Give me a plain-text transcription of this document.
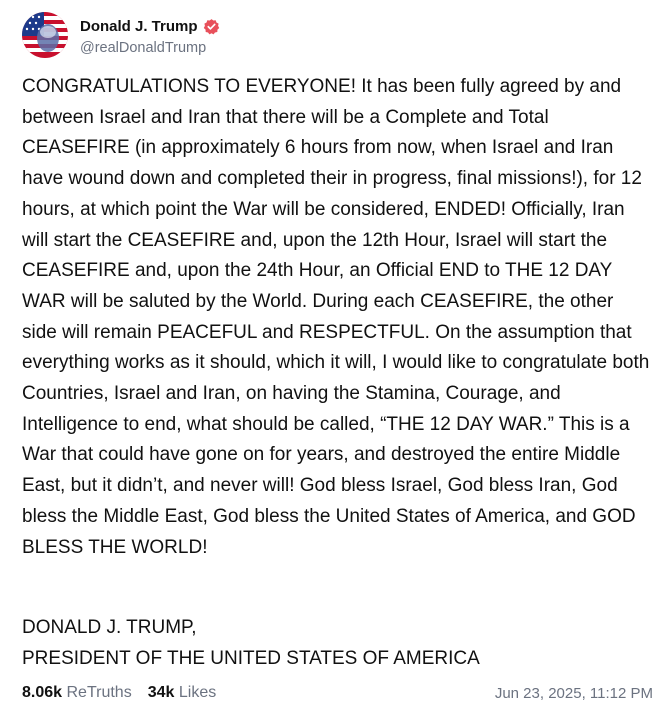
Donald J. Trump
@realDonaldTrump
CONGRATULATIONS TO EVERYONE! It has been fully agreed by and between Israel and Iran that there will be a Complete and Total CEASEFIRE (in approximately 6 hours from now, when Israel and Iran have wound down and completed their in progress, final missions!), for 12 hours, at which point the War will be considered, ENDED! Officially, Iran will start the CEASEFIRE and, upon the 12th Hour, Israel will start the CEASEFIRE and, upon the 24th Hour, an Official END to THE 12 DAY WAR will be saluted by the World. During each CEASEFIRE, the other side will remain PEACEFUL and RESPECTFUL. On the assumption that everything works as it should, which it will, I would like to congratulate both Countries, Israel and Iran, on having the Stamina, Courage, and Intelligence to end, what should be called, “THE 12 DAY WAR.” This is a War that could have gone on for years, and destroyed the entire Middle East, but it didn’t, and never will! God bless Israel, God bless Iran, God bless the Middle East, God bless the United States of America, and GOD BLESS THE WORLD!
DONALD J. TRUMP,
PRESIDENT OF THE UNITED STATES OF AMERICA
8.06k ReTruths 34k Likes	Jun 23, 2025, 11:12 PM
